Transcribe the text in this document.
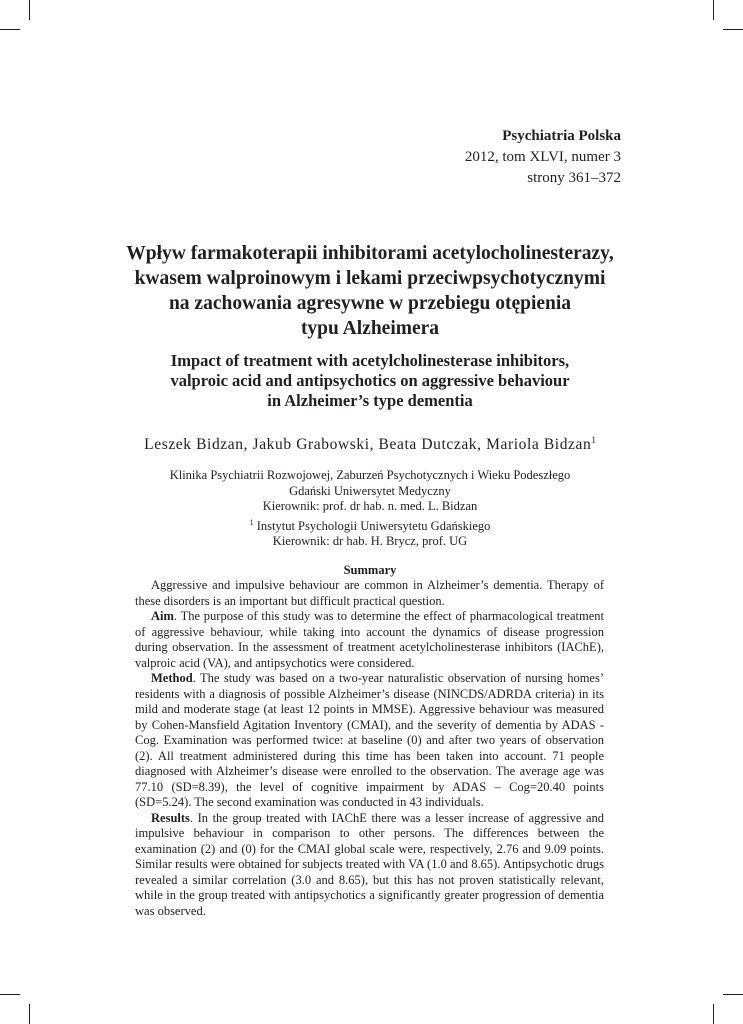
Psychiatria Polska
2012, tom XLVI, numer 3
strony 361–372
Wpływ farmakoterapii inhibitorami acetylocholinesterazy,
kwasem walproinowym i lekami przeciwpsychotycznymi
na zachowania agresywne w przebiegu otępienia
typu Alzheimera
Impact of treatment with acetylcholinesterase inhibitors,
valproic acid and antipsychotics on aggressive behaviour
in Alzheimer’s type dementia
Leszek Bidzan, Jakub Grabowski, Beata Dutczak, Mariola Bidzan$^1$
Klinika Psychiatrii Rozwojowej, Zaburzeń Psychotycznych i Wieku Podeszłego
Gdański Uniwersytet Medyczny
Kierownik: prof. dr hab. n. med. L. Bidzan
$^1$ Instytut Psychologii Uniwersytetu Gdańskiego
Kierownik: dr hab. H. Brycz, prof. UG
Summary

Aggressive and impulsive behaviour are common in Alzheimer’s dementia. Therapy of these disorders is an important but difficult practical question.

Aim. The purpose of this study was to determine the effect of pharmacological treatment of aggressive behaviour, while taking into account the dynamics of disease progression during observation. In the assessment of treatment acetylcholinesterase inhibitors (IAChE), valproic acid (VA), and antipsychotics were considered.

Method. The study was based on a two-year naturalistic observation of nursing homes’ residents with a diagnosis of possible Alzheimer’s disease (NINCDS/ADRDA criteria) in its mild and moderate stage (at least 12 points in MMSE). Aggressive behaviour was measured by Cohen-Mansfield Agitation Inventory (CMAI), and the severity of dementia by ADAS - Cog. Examination was performed twice: at baseline (0) and after two years of observation (2). All treatment administered during this time has been taken into account. 71 people diagnosed with Alzheimer’s disease were enrolled to the observation. The average age was 77.10 (SD=8.39), the level of cognitive impairment by ADAS – Cog=20.40 points (SD=5.24). The second examination was conducted in 43 individuals.

Results. In the group treated with IAChE there was a lesser increase of aggressive and impulsive behaviour in comparison to other persons. The differences between the examination (2) and (0) for the CMAI global scale were, respectively, 2.76 and 9.09 points. Similar results were obtained for subjects treated with VA (1.0 and 8.65). Antipsychotic drugs revealed a similar correlation (3.0 and 8.65), but this has not proven statistically relevant, while in the group treated with antipsychotics a significantly greater progression of dementia was observed.
